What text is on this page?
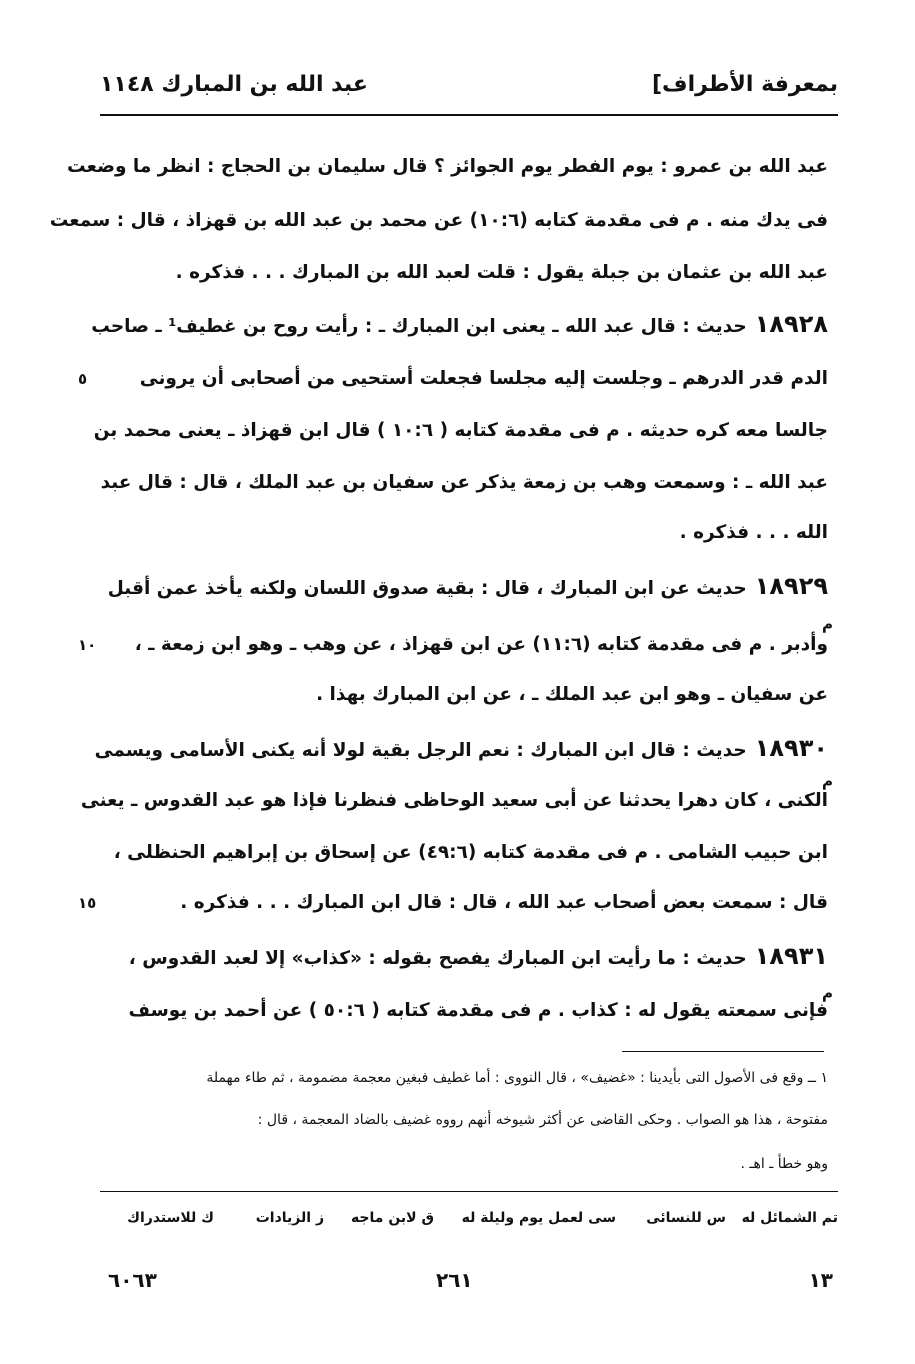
بمعرفة الأطراف]
عبد الله بن المبارك ١١٤٨
عبد الله بن عمرو : يوم الفطر يوم الجوائز ؟ قال سليمان بن الحجاج : انظر ما وضعت
فى يدك منه . م فى مقدمة كتابه (١٠:٦) عن محمد بن عبد الله بن قهزاذ ، قال : سمعت
عبد الله بن عثمان بن جبلة يقول : قلت لعبد الله بن المبارك . . . فذكره .
١٨٩٢٨حديث : قال عبد الله ـ يعنى ابن المبارك ـ : رأيت روح بن غطيف¹ ـ صاحب
الدم قدر الدرهم ـ وجلست إليه مجلسا فجعلت أستحيى من أصحابى أن يرونى
٥
جالسا معه كره حديثه . م فى مقدمة كتابه ( ١٠:٦ ) قال ابن قهزاذ ـ يعنى محمد بن
عبد الله ـ : وسمعت وهب بن زمعة يذكر عن سفيان بن عبد الملك ، قال : قال عبد
الله . . . فذكره .
١٨٩٢٩حديث عن ابن المبارك ، قال : بقية صدوق اللسان ولكنه يأخذ عمن أقبل
م
وأدبر . م فى مقدمة كتابه (١١:٦) عن ابن قهزاذ ، عن وهب ـ وهو ابن زمعة ـ ،
١٠
عن سفيان ـ وهو ابن عبد الملك ـ ، عن ابن المبارك بهذا .
١٨٩٣٠حديث : قال ابن المبارك : نعم الرجل بقية لولا أنه يكنى الأسامى ويسمى
م
الكنى ، كان دهرا يحدثنا عن أبى سعيد الوحاظى فنظرنا فإذا هو عبد القدوس ـ يعنى
ابن حبيب الشامى . م فى مقدمة كتابه (٤٩:٦) عن إسحاق بن إبراهيم الحنظلى ،
قال : سمعت بعض أصحاب عبد الله ، قال : قال ابن المبارك . . . فذكره .
١٥
١٨٩٣١حديث : ما رأيت ابن المبارك يفصح بقوله : «كذاب» إلا لعبد القدوس ،
م
فإنى سمعته يقول له : كذاب . م فى مقدمة كتابه ( ٥٠:٦ ) عن أحمد بن يوسف
١ ــ وقع فى الأصول التى بأيدينا : «غضيف» ، قال النووى : أما غطيف فبغين معجمة مضمومة ، ثم طاء مهملة
مفتوحة ، هذا هو الصواب . وحكى القاضى عن أكثر شيوخه أنهم رووه غضيف بالضاد المعجمة ، قال :
وهو خطأ ـ اهـ .
تم الشمائل له
س للنسائى
سى لعمل يوم وليلة له
ق لابن ماجه
ز الزيادات
ك للاستدراك
١٣
٢٦١
٦٠٦٣
